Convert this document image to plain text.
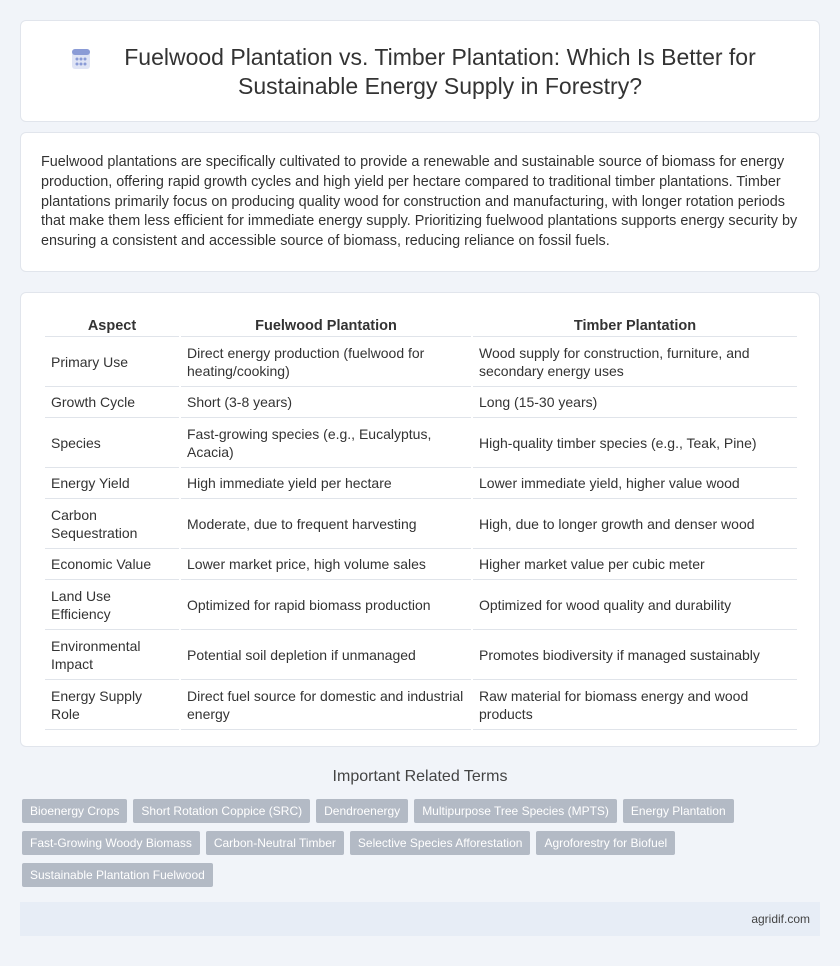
Fuelwood Plantation vs. Timber Plantation: Which Is Better for Sustainable Energy Supply in Forestry?

Fuelwood plantations are specifically cultivated to provide a renewable and sustainable source of biomass for energy production, offering rapid growth cycles and high yield per hectare compared to traditional timber plantations. Timber plantations primarily focus on producing quality wood for construction and manufacturing, with longer rotation periods that make them less efficient for immediate energy supply. Prioritizing fuelwood plantations supports energy security by ensuring a consistent and accessible source of biomass, reducing reliance on fossil fuels.

Aspect	Fuelwood Plantation	Timber Plantation
Primary Use	Direct energy production (fuelwood for heating/cooking)	Wood supply for construction, furniture, and secondary energy uses
Growth Cycle	Short (3-8 years)	Long (15-30 years)
Species	Fast-growing species (e.g., Eucalyptus, Acacia)	High-quality timber species (e.g., Teak, Pine)
Energy Yield	High immediate yield per hectare	Lower immediate yield, higher value wood
Carbon Sequestration	Moderate, due to frequent harvesting	High, due to longer growth and denser wood
Economic Value	Lower market price, high volume sales	Higher market value per cubic meter
Land Use Efficiency	Optimized for rapid biomass production	Optimized for wood quality and durability
Environmental Impact	Potential soil depletion if unmanaged	Promotes biodiversity if managed sustainably
Energy Supply Role	Direct fuel source for domestic and industrial energy	Raw material for biomass energy and wood products
Important Related Terms
Bioenergy Crops Short Rotation Coppice (SRC) Dendroenergy Multipurpose Tree Species (MPTS) Energy PlantationFast-Growing Woody Biomass Carbon-Neutral Timber Selective Species Afforestation Agroforestry for BiofuelSustainable Plantation Fuelwood
agridif.com
